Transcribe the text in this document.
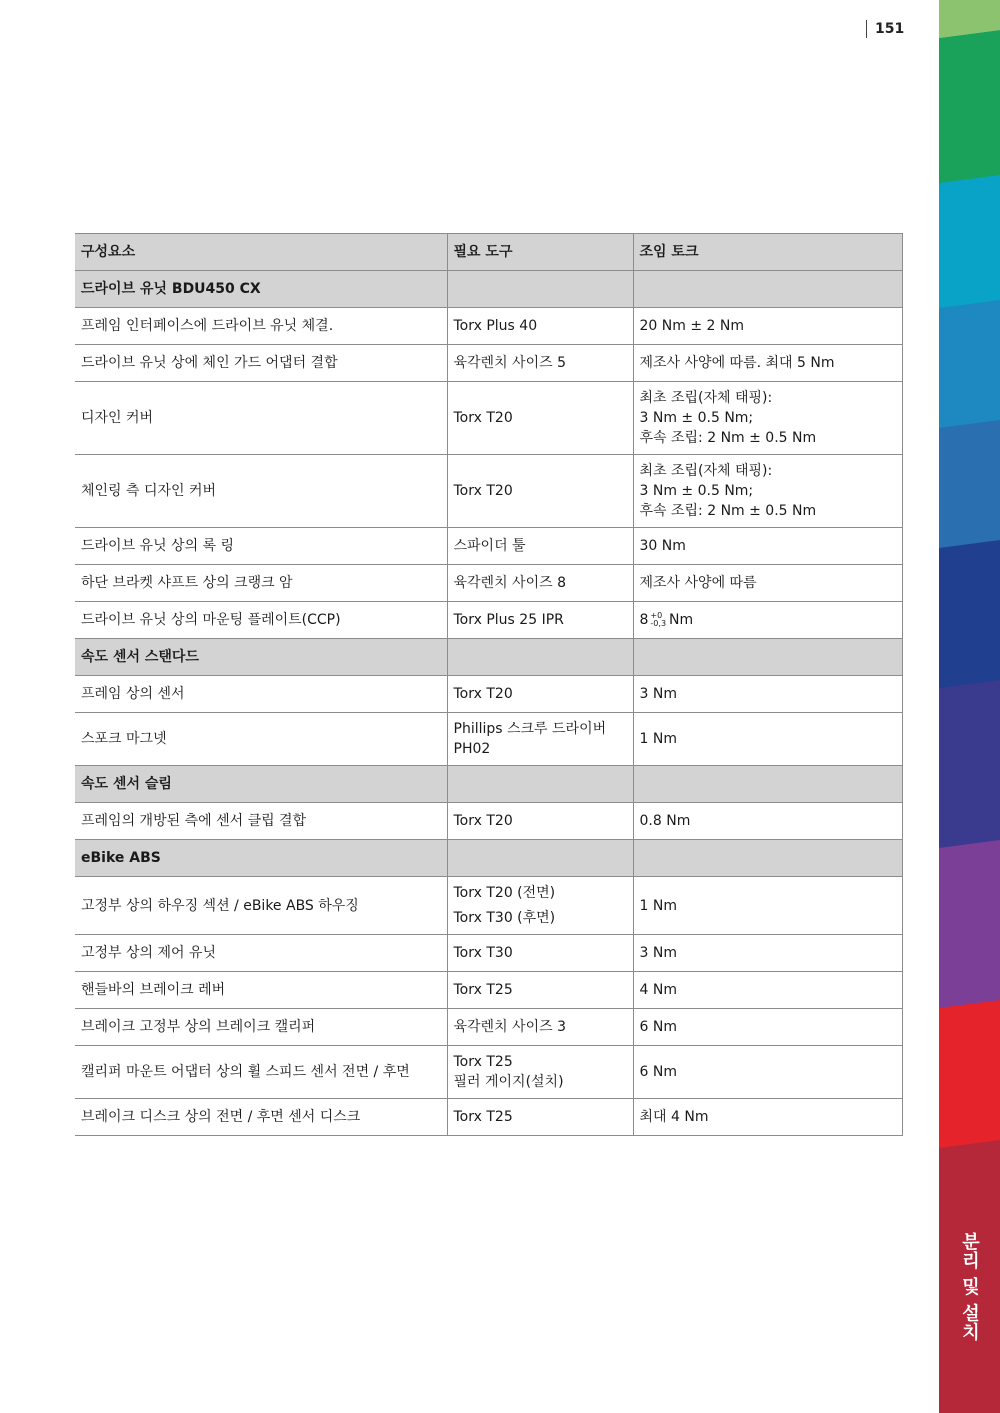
151
분리 및 설치
구성요소	필요 도구	조임 토크
드라이브 유닛 BDU450 CX		
프레임 인터페이스에 드라이브 유닛 체결.	Torx Plus 40	20 Nm ± 2 Nm

드라이브 유닛 상에 체인 가드 어댑터 결합	육각렌치 사이즈 5	제조사 사양에 따름. 최대 5 Nm

디자인 커버	Torx T20	최초 조립(자체 태핑):
3 Nm ± 0.5 Nm;
후속 조립: 2 Nm ± 0.5 Nm

체인링 측 디자인 커버	Torx T20	최초 조립(자체 태핑):
3 Nm ± 0.5 Nm;
후속 조립: 2 Nm ± 0.5 Nm

드라이브 유닛 상의 록 링	스파이더 툴	30 Nm

하단 브라켓 샤프트 상의 크랭크 암	육각렌치 사이즈 8	제조사 사양에 따름

드라이브 유닛 상의 마운팅 플레이트(CCP)	Torx Plus 25 IPR	8 +0
-0,3 Nm
속도 센서 스탠다드		
프레임 상의 센서	Torx T20	3 Nm

스포크 마그넷	Phillips 스크루 드라이버
PH02	1 Nm

속도 센서 슬림		
프레임의 개방된 측에 센서 클립 결합	Torx T20	0.8 Nm

eBike ABS		
고정부 상의 하우징 섹션 / eBike ABS 하우징	Torx T20 (전면)
Torx T30 (후면)	1 Nm

고정부 상의 제어 유닛	Torx T30	3 Nm

핸들바의 브레이크 레버	Torx T25	4 Nm

브레이크 고정부 상의 브레이크 캘리퍼	육각렌치 사이즈 3	6 Nm

캘리퍼 마운트 어댑터 상의 휠 스피드 센서 전면 / 후면	Torx T25
필러 게이지(설치)	6 Nm

브레이크 디스크 상의 전면 / 후면 센서 디스크	Torx T25	최대 4 Nm
